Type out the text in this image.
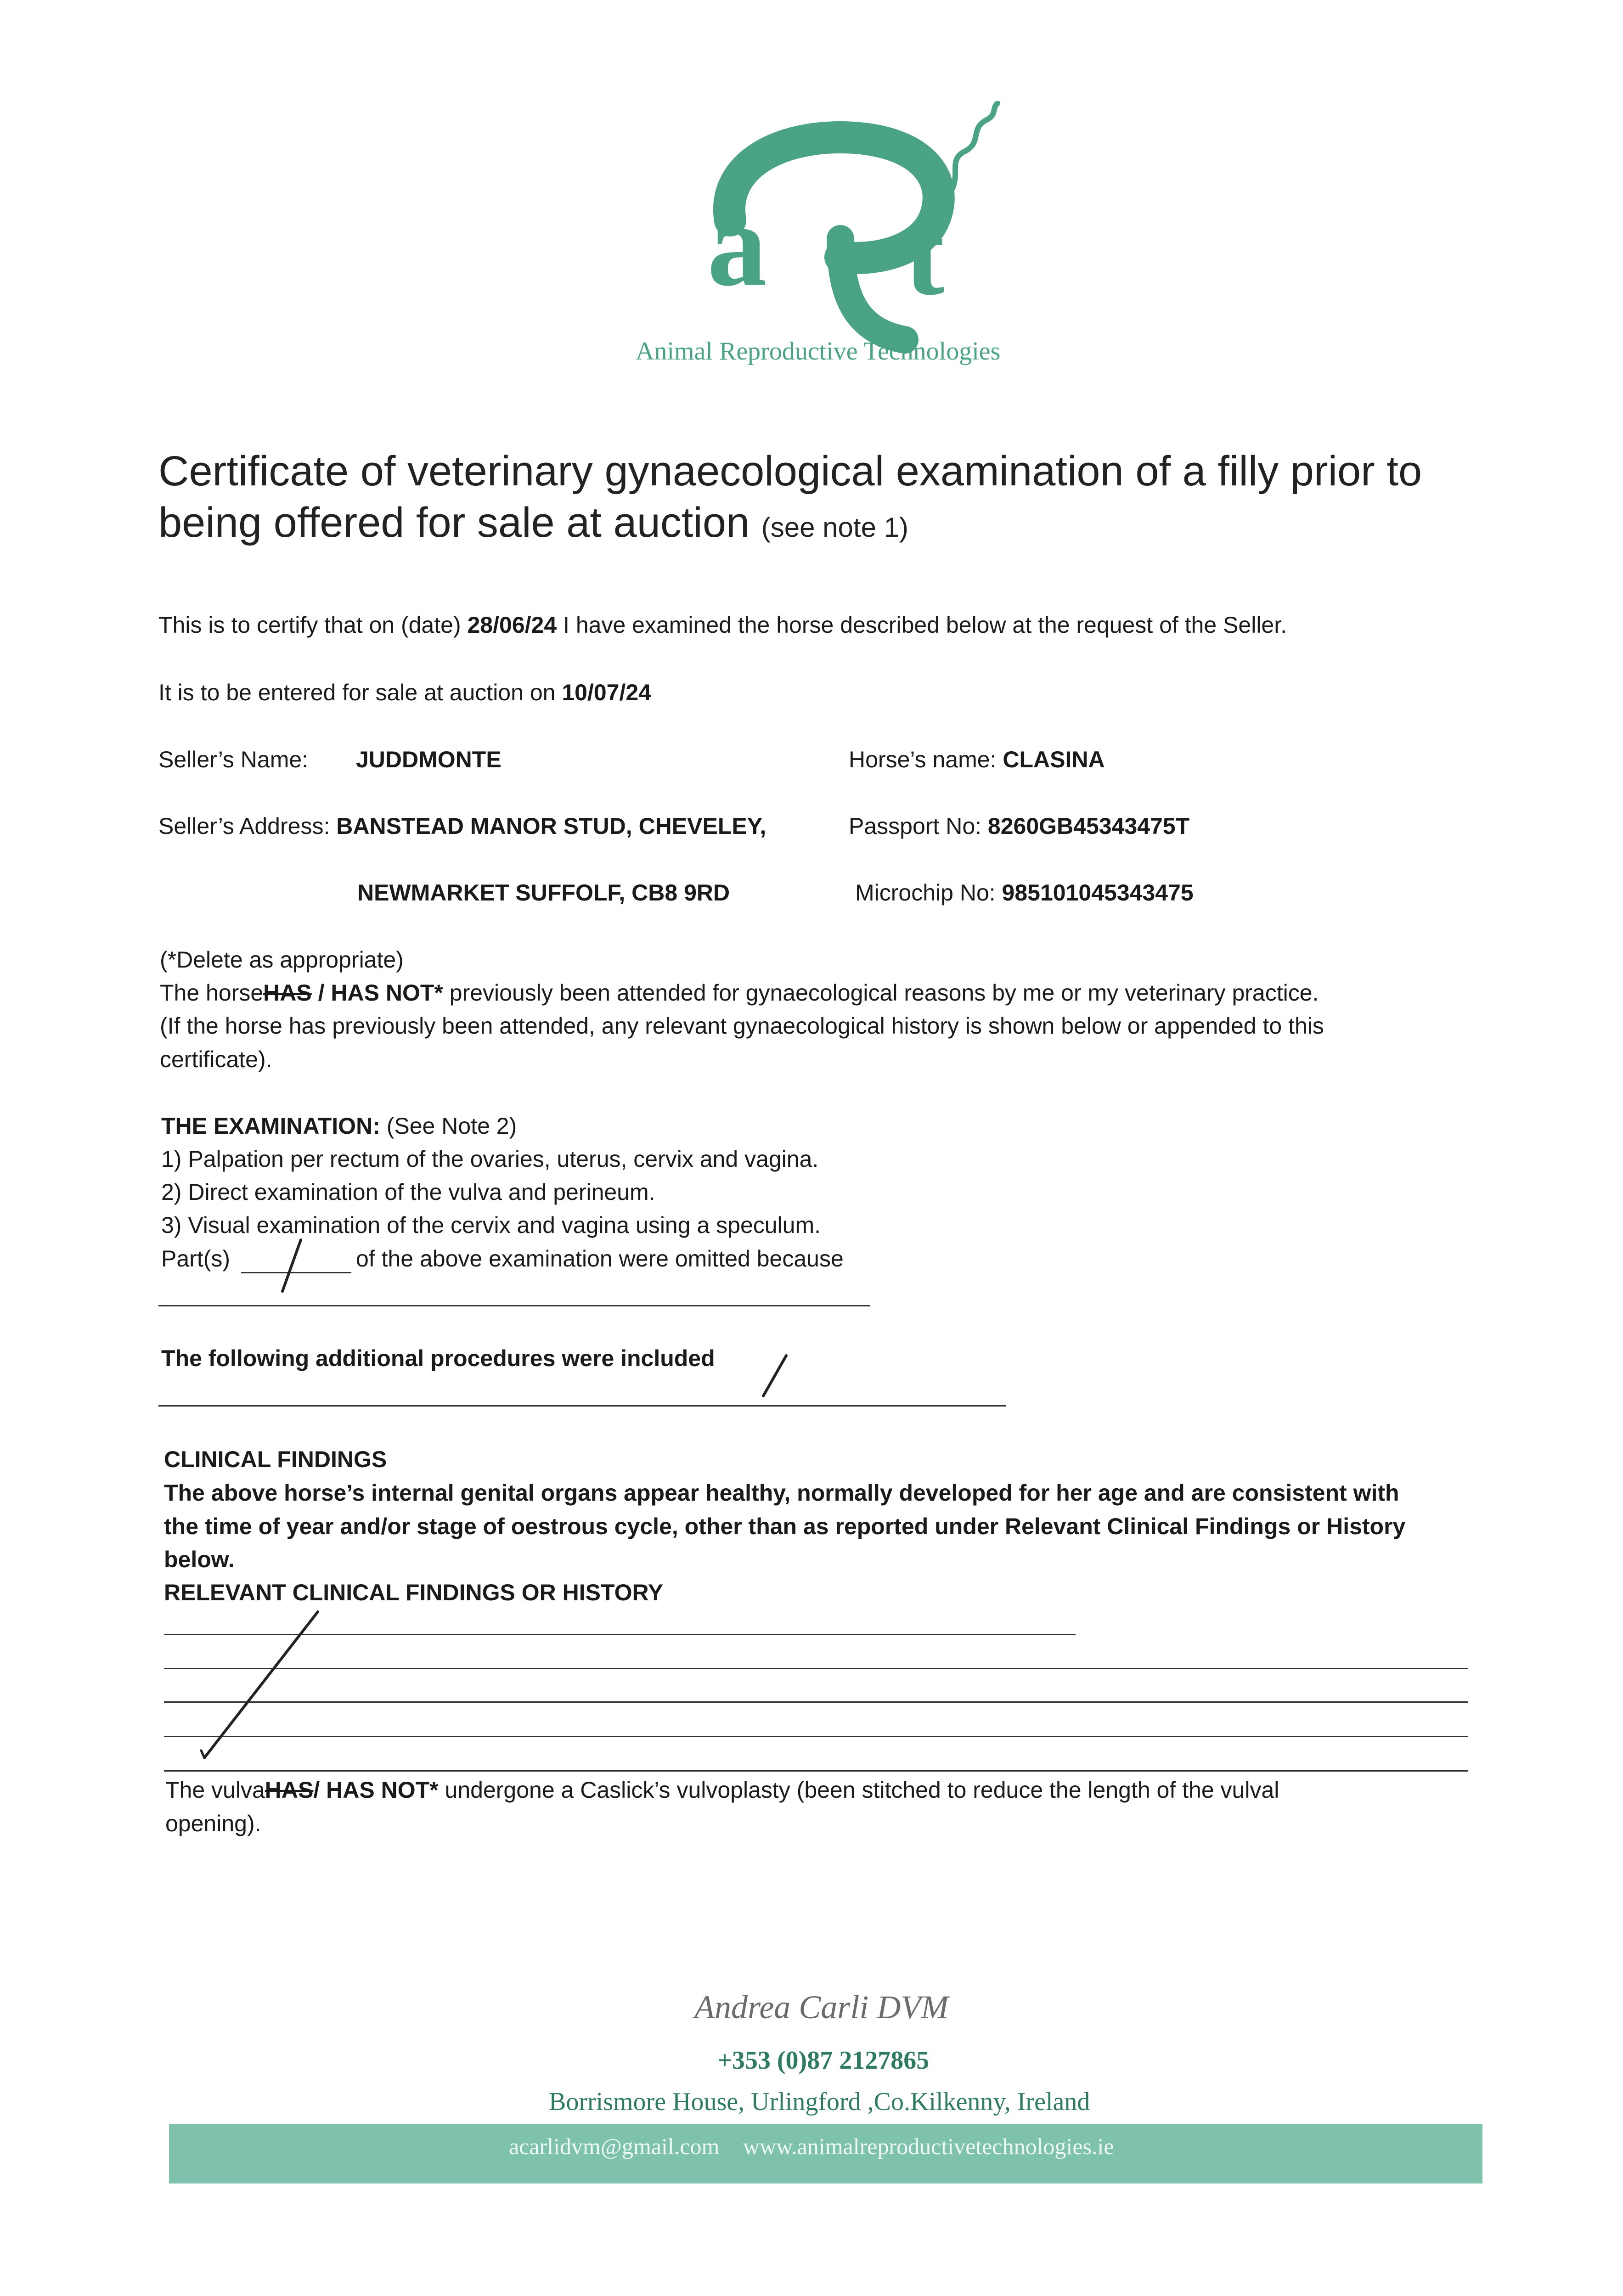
a t
Animal Reproductive Technologies
Certificate of veterinary gynaecological examination of a filly prior to
being offered for sale at auction (see note 1)
This is to certify that on (date) 28/06/24 I have examined the horse described below at the request of the Seller.
It is to be entered for sale at auction on 10/07/24
Seller’s Name: JUDDMONTE	Horse’s name: CLASINA
Seller’s Address: BANSTEAD MANOR STUD, CHEVELEY,	Passport No: 8260GB45343475T
NEWMARKET SUFFOLF, CB8 9RD	Microchip No: 985101045343475
(*Delete as appropriate)
The horseHAS / HAS NOT* previously been attended for gynaecological reasons by me or my veterinary practice.
(If the horse has previously been attended, any relevant gynaecological history is shown below or appended to this
certificate).
THE EXAMINATION: (See Note 2)
1) Palpation per rectum of the ovaries, uterus, cervix and vagina.
2) Direct examination of the vulva and perineum.
3) Visual examination of the cervix and vagina using a speculum.
Part(s)	of the above examination were omitted because
The following additional procedures were included
CLINICAL FINDINGS
The above horse’s internal genital organs appear healthy, normally developed for her age and are consistent with
the time of year and/or stage of oestrous cycle, other than as reported under Relevant Clinical Findings or History
below.
RELEVANT CLINICAL FINDINGS OR HISTORY
The vulvaHAS/ HAS NOT* undergone a Caslick’s vulvoplasty (been stitched to reduce the length of the vulval
opening).
Andrea Carli DVM
+353 (0)87 2127865
Borrismore House, Urlingford ,Co.Kilkenny, Ireland
acarlidvm@gmail.com www.animalreproductivetechnologies.ie
